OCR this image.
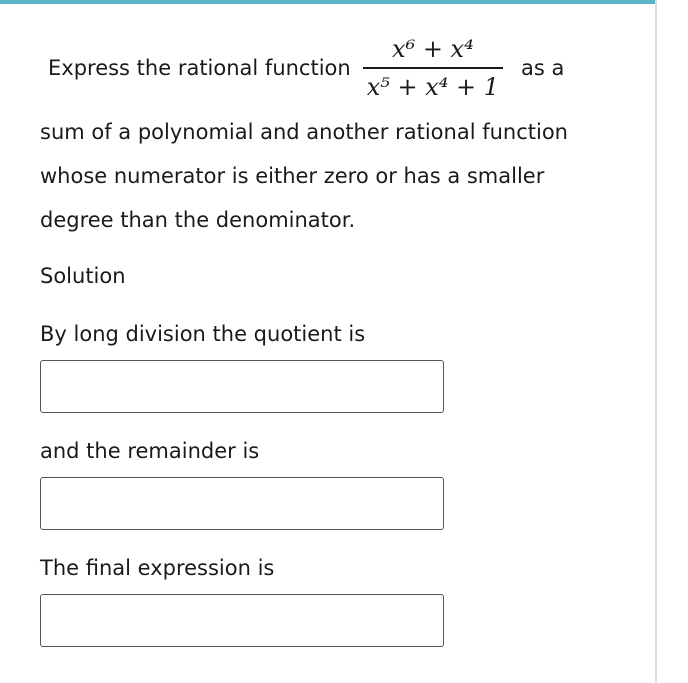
Express the rational function $\frac{\text{x⁶ + x⁴}}{\text{x⁵ + x⁴ + 1}}$ as a
sum of a polynomial and another rational function
whose numerator is either zero or has a smaller
degree than the denominator.
Solution
By long division the quotient is
and the remainder is
The final expression is
